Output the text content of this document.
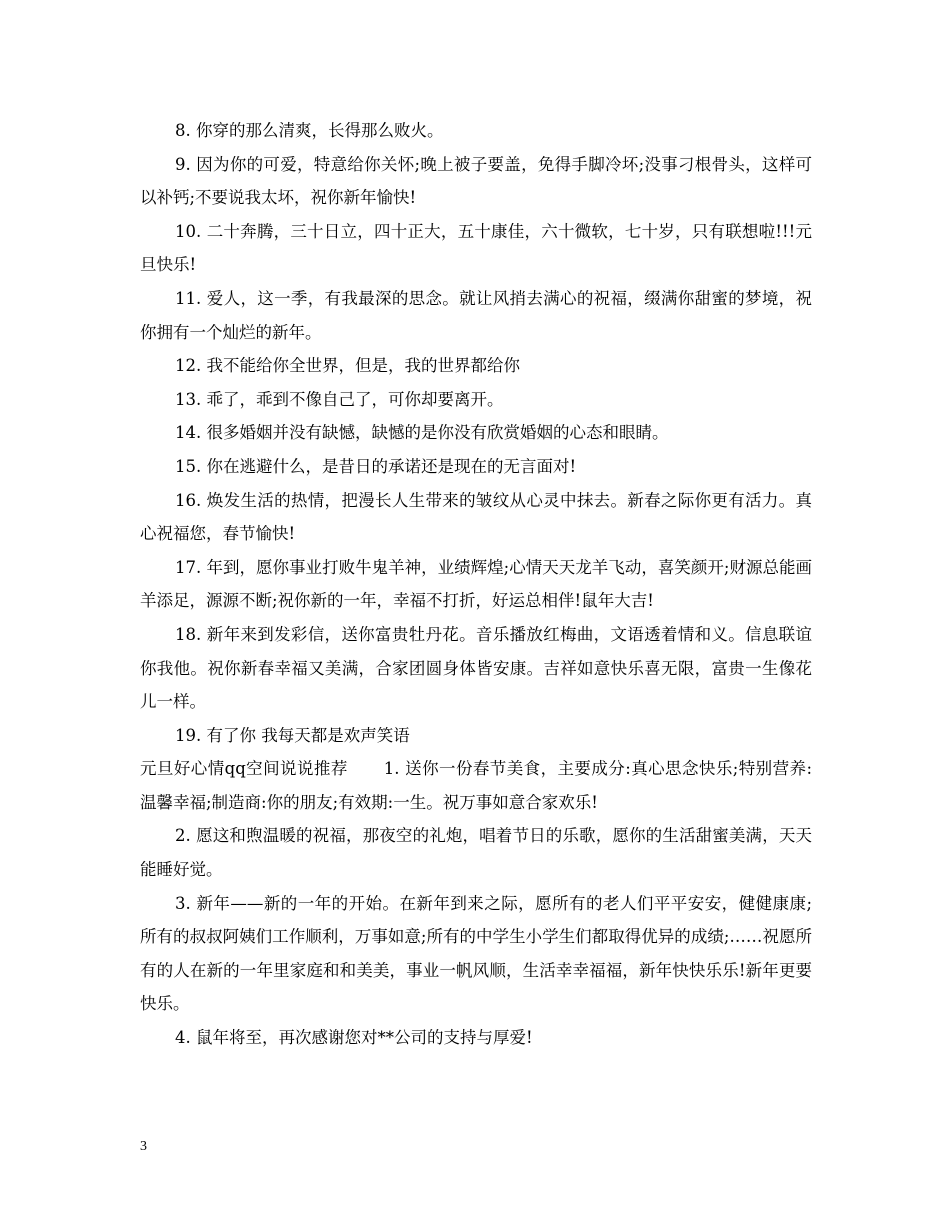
8. 你穿的那么清爽，长得那么败火。

9. 因为你的可爱，特意给你关怀;晚上被子要盖，免得手脚冷坏;没事刁根骨头，这样可以补钙;不要说我太坏，祝你新年愉快!

10. 二十奔腾，三十日立，四十正大，五十康佳，六十微软，七十岁，只有联想啦!!!元旦快乐!

11. 爱人，这一季，有我最深的思念。就让风捎去满心的祝福，缀满你甜蜜的梦境，祝你拥有一个灿烂的新年。

12. 我不能给你全世界，但是，我的世界都给你

13. 乖了，乖到不像自己了，可你却要离开。

14. 很多婚姻并没有缺憾，缺憾的是你没有欣赏婚姻的心态和眼睛。

15. 你在逃避什么，是昔日的承诺还是现在的无言面对!

16. 焕发生活的热情，把漫长人生带来的皱纹从心灵中抹去。新春之际你更有活力。真心祝福您，春节愉快!

17. 年到，愿你事业打败牛鬼羊神，业绩辉煌;心情天天龙羊飞动，喜笑颜开;财源总能画羊添足，源源不断;祝你新的一年，幸福不打折，好运总相伴!鼠年大吉!

18. 新年来到发彩信，送你富贵牡丹花。音乐播放红梅曲，文语透着情和义。信息联谊你我他。祝你新春幸福又美满，合家团圆身体皆安康。吉祥如意快乐喜无限，富贵一生像花儿一样。

19. 有了你 我每天都是欢声笑语

元旦好心情qq空间说说推荐 1. 送你一份春节美食，主要成分:真心思念快乐;特别营养:温馨幸福;制造商:你的朋友;有效期:一生。祝万事如意合家欢乐!

2. 愿这和煦温暖的祝福，那夜空的礼炮，唱着节日的乐歌，愿你的生活甜蜜美满，天天能睡好觉。

3. 新年——新的一年的开始。在新年到来之际，愿所有的老人们平平安安，健健康康;所有的叔叔阿姨们工作顺利，万事如意;所有的中学生小学生们都取得优异的成绩;……祝愿所有的人在新的一年里家庭和和美美，事业一帆风顺，生活幸幸福福，新年快快乐乐!新年更要快乐。

4. 鼠年将至，再次感谢您对**公司的支持与厚爱!

3
